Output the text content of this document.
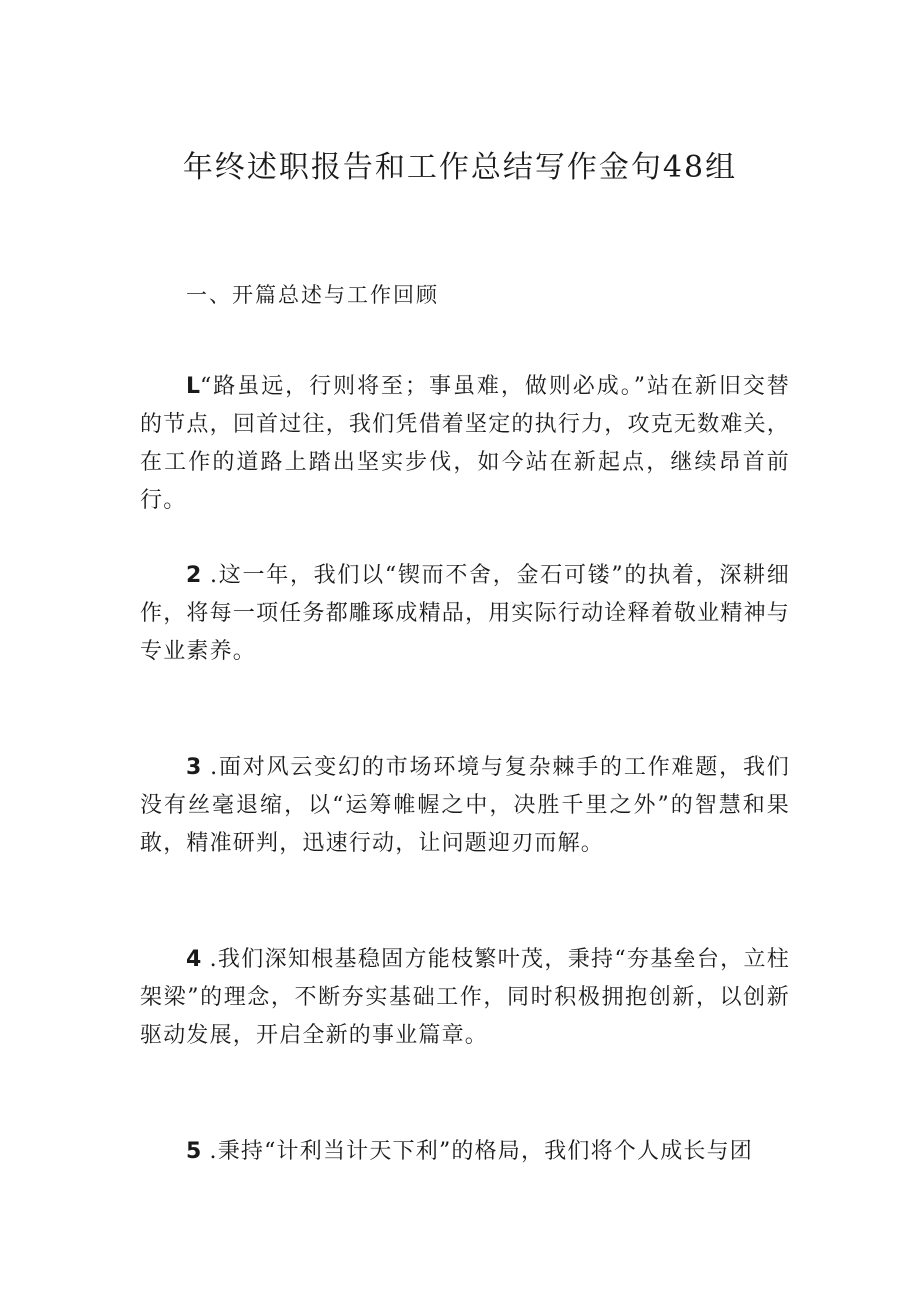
年终述职报告和工作总结写作金句48组
一、开篇总述与工作回顾

L“路虽远，行则将至；事虽难，做则必成。”站在新旧交替的节点，回首过往，我们凭借着坚定的执行力，攻克无数难关，在工作的道路上踏出坚实步伐，如今站在新起点，继续昂首前行。

2 .这一年，我们以“锲而不舍，金石可镂”的执着，深耕细作，将每一项任务都雕琢成精品，用实际行动诠释着敬业精神与专业素养。

3 .面对风云变幻的市场环境与复杂棘手的工作难题，我们没有丝毫退缩，以“运筹帷幄之中，决胜千里之外”的智慧和果敢，精准研判，迅速行动，让问题迎刃而解。

4 .我们深知根基稳固方能枝繁叶茂，秉持“夯基垒台，立柱架梁”的理念，不断夯实基础工作，同时积极拥抱创新，以创新驱动发展，开启全新的事业篇章。

5 .秉持“计利当计天下利”的格局，我们将个人成长与团
